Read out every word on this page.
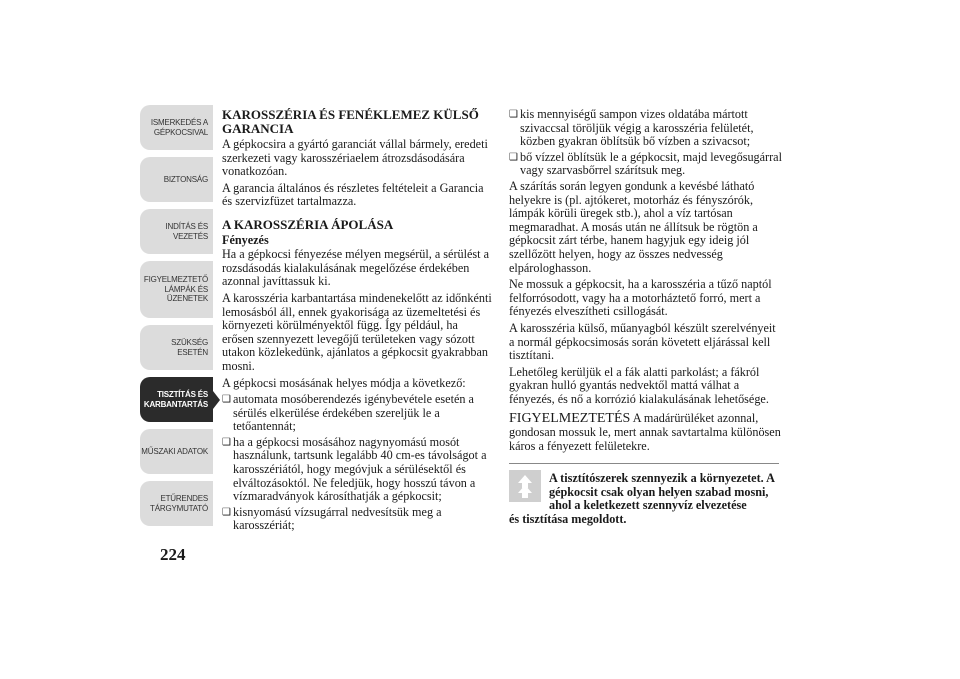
ISMERKEDÉS A
GÉPKOCSIVAL
BIZTONSÁG
INDÍTÁS ÉS
VEZETÉS
FIGYELMEZTETŐ
LÁMPÁK ÉS
ÜZENETEK
SZÜKSÉG ESETÉN
TISZTÍTÁS ÉS
KARBANTARTÁS
MŰSZAKI ADATOK
ETŰRENDES
TÁRGYMUTATÓ
224
KAROSSZÉRIA ÉS FENÉKLEMEZ KÜLSŐ GARANCIA

A gépkocsira a gyártó garanciát vállal bármely, eredeti szerkezeti vagy karosszériaelem átrozsdásodására vonatkozóan.

A garancia általános és részletes feltételeit a Garancia és szervizfüzet tartalmazza.

A KAROSSZÉRIA ÁPOLÁSA
Fényezés

Ha a gépkocsi fényezése mélyen megsérül, a sérülést a rozsdásodás kialakulásának megelőzése érdekében azonnal javíttassuk ki.

A karosszéria karbantartása mindenekelőtt az időnkénti lemosásból áll, ennek gyakorisága az üzemeltetési és környezeti körülményektől függ. Így például, ha erősen szennyezett levegőjű területeken vagy sózott utakon közlekedünk, ajánlatos a gépkocsit gyakrabban mosni.

A gépkocsi mosásának helyes módja a következő:

❑ automata mosóberendezés igénybevétele esetén a sérülés elkerülése érdekében szereljük le a tetőantennát;
❑ ha a gépkocsi mosásához nagynyomású mosót használunk, tartsunk legalább 40 cm-es távolságot a karosszériától, hogy megóvjuk a sérülésektől és elváltozásoktól. Ne feledjük, hogy hosszú távon a vízmaradványok károsíthatják a gépkocsit;
❑ kisnyomású vízsugárral nedvesítsük meg a karosszériát;
❑ kis mennyiségű sampon vizes oldatába mártott szivaccsal töröljük végig a karosszéria felületét, közben gyakran öblítsük bő vízben a szivacsot;
❑ bő vízzel öblítsük le a gépkocsit, majd levegősugárral vagy szarvasbőrrel szárítsuk meg.

A szárítás során legyen gondunk a kevésbé látható helyekre is (pl. ajtókeret, motorház és fényszórók, lámpák körüli üregek stb.), ahol a víz tartósan megmaradhat. A mosás után ne állítsuk be rögtön a gépkocsit zárt térbe, hanem hagyjuk egy ideig jól szellőzött helyen, hogy az összes nedvesség elpárologhasson.

Ne mossuk a gépkocsit, ha a karosszéria a tűző naptól felforrósodott, vagy ha a motorháztető forró, mert a fényezés elveszítheti csillogását.

A karosszéria külső, műanyagból készült szerelvényeit a normál gépkocsimosás során követett eljárással kell tisztítani.

Lehetőleg kerüljük el a fák alatti parkolást; a fákról gyakran hulló gyantás nedvektől mattá válhat a fényezés, és nő a korrózió kialakulásának lehetősége.

FIGYELMEZTETÉS A madárürüléket azonnal, gondosan mossuk le, mert annak savtartalma különösen káros a fényezett felületekre.

A tisztítószerek szennyezik a környezetet. A gépkocsit csak olyan helyen szabad mosni, ahol a keletkezett szennyvíz elvezetése
és tisztítása megoldott.
